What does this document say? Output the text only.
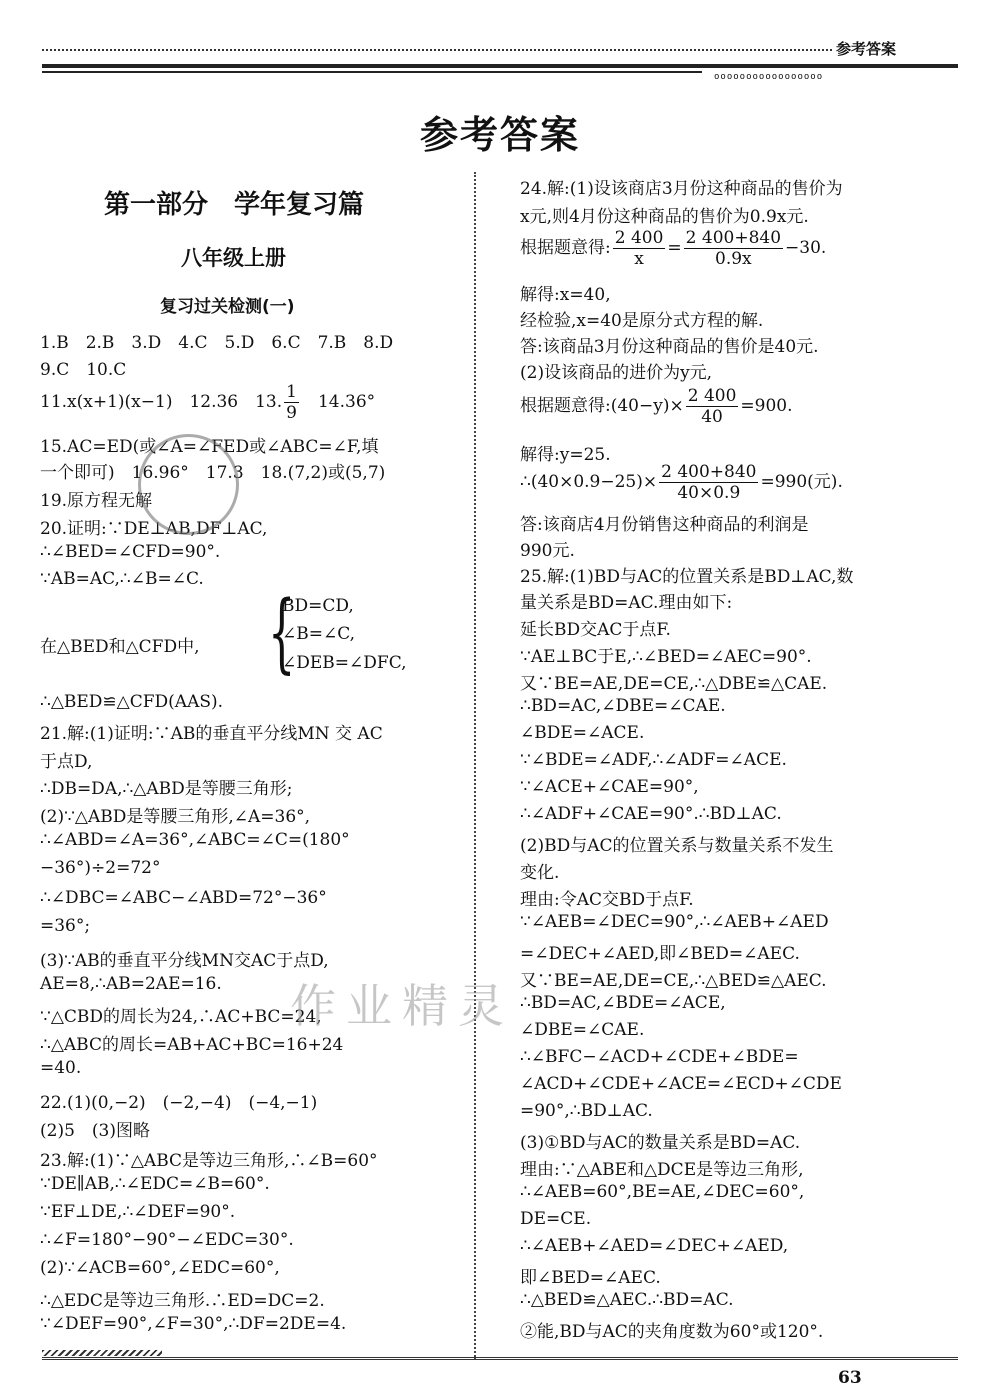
参考答案
ooooooooooooooooo
参考答案
第一部分　学年复习篇
八年级上册
复习过关检测(一)
1.B　2.B　3.D　4.C　5.D　6.C　7.B　8.D
9.C　10.C
11.x(x+1)(x−1)　12.36　13. $\frac{1}{9}$ 　14.36°
15.AC=ED(或∠A=∠FED或∠ABC=∠F,填
一个即可)　16.96°　17.3　18.(7,2)或(5,7)
19.原方程无解
20.证明:∵DE⊥AB,DF⊥AC,
∴∠BED=∠CFD=90°.
∵AB=AC,∴∠B=∠C.
在△BED和△CFD中, {
BD=CD,
∠B=∠C,
∠DEB=∠DFC,
∴△BED≌△CFD(AAS).
21.解:(1)证明:∵AB的垂直平分线MN 交 AC
于点D,
∴DB=DA,∴△ABD是等腰三角形;
(2)∵△ABD是等腰三角形,∠A=36°,
∴∠ABD=∠A=36°,∠ABC=∠C=(180°
−36°)÷2=72°
∴∠DBC=∠ABC−∠ABD=72°−36°
=36°;
(3)∵AB的垂直平分线MN交AC于点D,
AE=8,∴AB=2AE=16.
∵△CBD的周长为24,∴AC+BC=24,
∴△ABC的周长=AB+AC+BC=16+24
=40.
22.(1)(0,−2)　(−2,−4)　(−4,−1)
(2)5　(3)图略
23.解:(1)∵△ABC是等边三角形,∴∠B=60°
∵DE∥AB,∴∠EDC=∠B=60°.
∵EF⊥DE,∴∠DEF=90°.
∴∠F=180°−90°−∠EDC=30°.
(2)∵∠ACB=60°,∠EDC=60°,
∴△EDC是等边三角形.∴ED=DC=2.
∵∠DEF=90°,∠F=30°,∴DF=2DE=4.
作业精灵
24.解:(1)设该商店3月份这种商品的售价为
x元,则4月份这种商品的售价为0.9x元.
根据题意得: $\frac{2 400}{x} = \frac{2 400+840}{0.9x} -30$.
解得:x=40,
经检验,x=40是原分式方程的解.
答:该商品3月份这种商品的售价是40元.
(2)设该商品的进价为y元,
根据题意得:(40−y)× $\frac{2 400}{40} =900$.
解得:y=25.
∴(40×0.9−25)× $\frac{2 400+840}{40\times 0.9} =990$(元).
答:该商店4月份销售这种商品的利润是
990元.
25.解:(1)BD与AC的位置关系是BD⊥AC,数
量关系是BD=AC.理由如下:
延长BD交AC于点F.
∵AE⊥BC于E,∴∠BED=∠AEC=90°.
又∵BE=AE,DE=CE,∴△DBE≌△CAE.
∴BD=AC,∠DBE=∠CAE.
∠BDE=∠ACE.
∵∠BDE=∠ADF,∴∠ADF=∠ACE.
∵∠ACE+∠CAE=90°,
∴∠ADF+∠CAE=90°.∴BD⊥AC.
(2)BD与AC的位置关系与数量关系不发生
变化.
理由:令AC交BD于点F.
∵∠AEB=∠DEC=90°,∴∠AEB+∠AED
=∠DEC+∠AED,即∠BED=∠AEC.
又∵BE=AE,DE=CE,∴△BED≌△AEC.
∴BD=AC,∠BDE=∠ACE,
∠DBE=∠CAE.
∴∠BFC−∠ACD+∠CDE+∠BDE=
∠ACD+∠CDE+∠ACE=∠ECD+∠CDE
=90°,∴BD⊥AC.
(3)①BD与AC的数量关系是BD=AC.
理由:∵△ABE和△DCE是等边三角形,
∴∠AEB=60°,BE=AE,∠DEC=60°,
DE=CE.
∴∠AEB+∠AED=∠DEC+∠AED,
即∠BED=∠AEC.
∴△BED≌△AEC.∴BD=AC.
②能,BD与AC的夹角度数为60°或120°.
63
